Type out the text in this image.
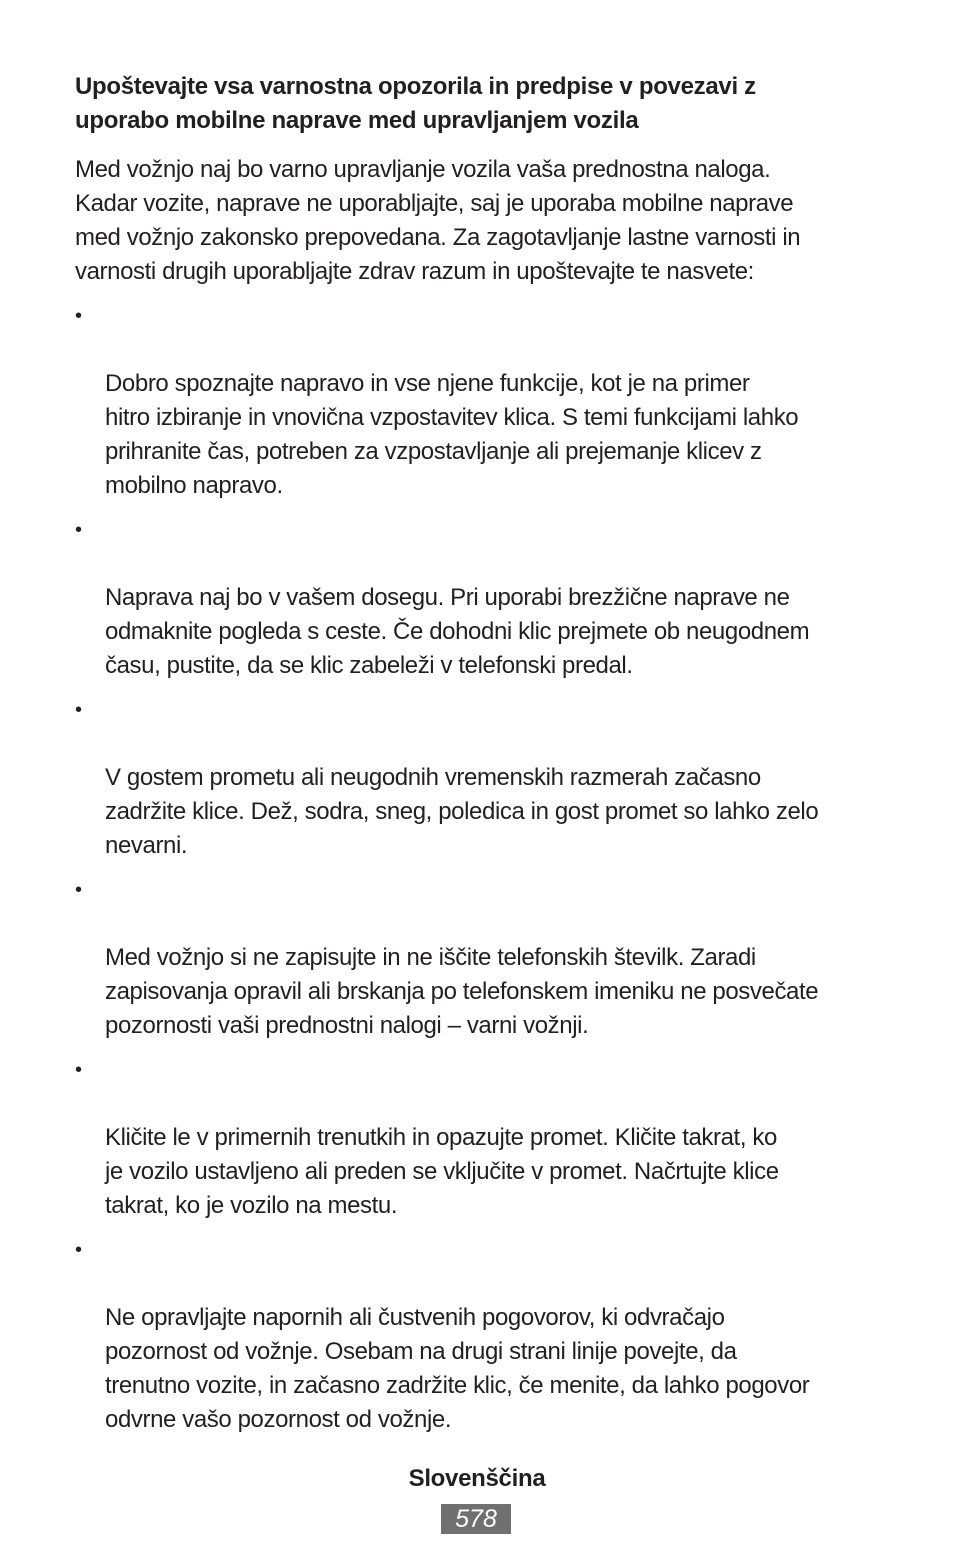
Upoštevajte vsa varnostna opozorila in predpise v povezavi z
uporabo mobilne naprave med upravljanjem vozila
Med vožnjo naj bo varno upravljanje vozila vaša prednostna naloga.
Kadar vozite, naprave ne uporabljajte, saj je uporaba mobilne naprave
med vožnjo zakonsko prepovedana. Za zagotavljanje lastne varnosti in
varnosti drugih uporabljajte zdrav razum in upoštevajte te nasvete:

•

Dobro spoznajte napravo in vse njene funkcije, kot je na primer
hitro izbiranje in vnovična vzpostavitev klica. S temi funkcijami lahko
prihranite čas, potreben za vzpostavljanje ali prejemanje klicev z
mobilno napravo.

•

Naprava naj bo v vašem dosegu. Pri uporabi brezžične naprave ne
odmaknite pogleda s ceste. Če dohodni klic prejmete ob neugodnem
času, pustite, da se klic zabeleži v telefonski predal.

•

V gostem prometu ali neugodnih vremenskih razmerah začasno
zadržite klice. Dež, sodra, sneg, poledica in gost promet so lahko zelo
nevarni.

•

Med vožnjo si ne zapisujte in ne iščite telefonskih številk. Zaradi
zapisovanja opravil ali brskanja po telefonskem imeniku ne posvečate
pozornosti vaši prednostni nalogi – varni vožnji.

•

Kličite le v primernih trenutkih in opazujte promet. Kličite takrat, ko
je vozilo ustavljeno ali preden se vključite v promet. Načrtujte klice
takrat, ko je vozilo na mestu.

•

Ne opravljajte napornih ali čustvenih pogovorov, ki odvračajo
pozornost od vožnje. Osebam na drugi strani linije povejte, da
trenutno vozite, in začasno zadržite klic, če menite, da lahko pogovor
odvrne vašo pozornost od vožnje.

Slovenščina
578
